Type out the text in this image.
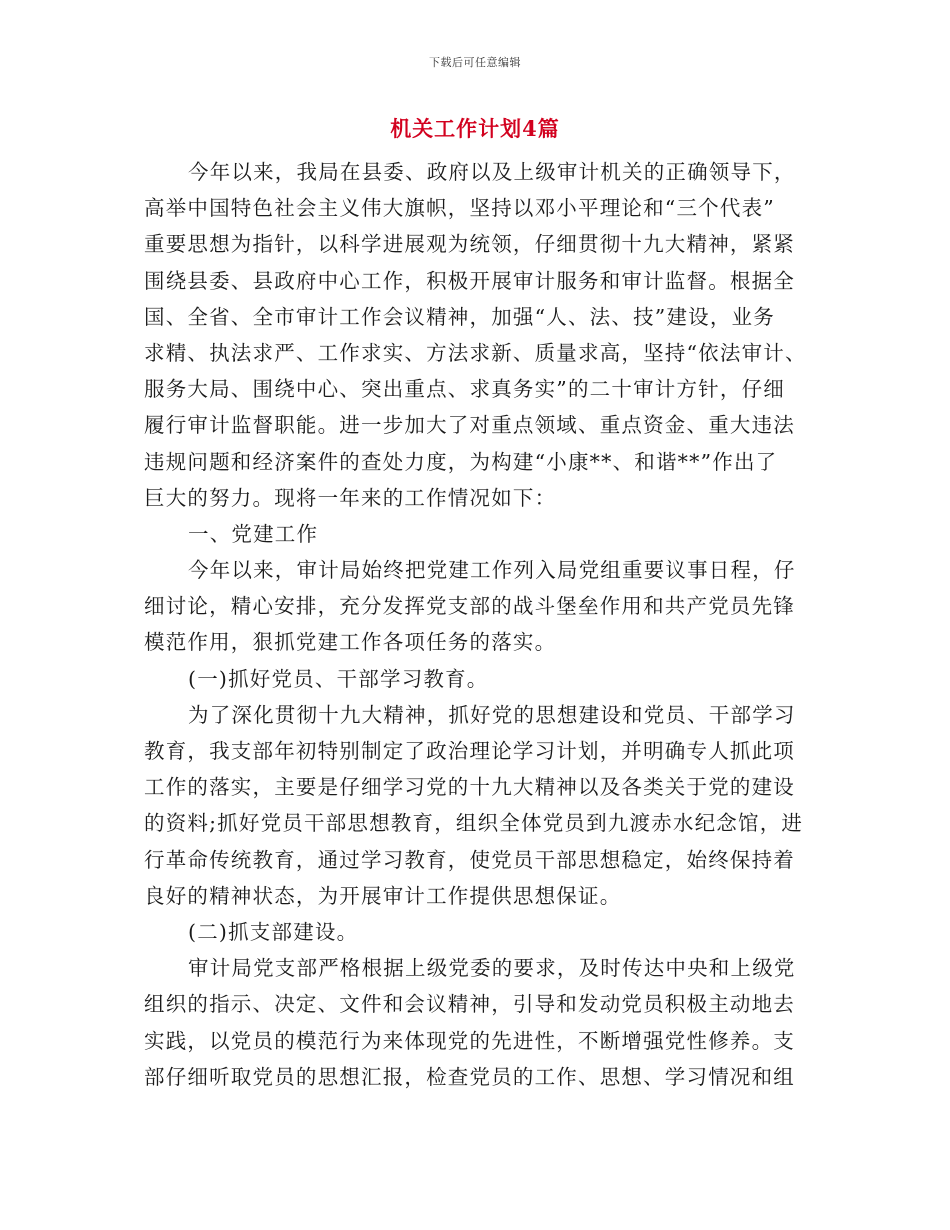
下载后可任意编辑
机关工作计划4篇
今年以来，我局在县委、政府以及上级审计机关的正确领导下，
高举中国特色社会主义伟大旗帜，坚持以邓小平理论和“三个代表”
重要思想为指针，以科学进展观为统领，仔细贯彻十九大精神，紧紧
围绕县委、县政府中心工作，积极开展审计服务和审计监督。根据全
国、全省、全市审计工作会议精神，加强“人、法、技”建设，业务
求精、执法求严、工作求实、方法求新、质量求高，坚持“依法审计、
服务大局、围绕中心、突出重点、求真务实”的二十审计方针，仔细
履行审计监督职能。进一步加大了对重点领域、重点资金、重大违法
违规问题和经济案件的查处力度，为构建“小康**、和谐**”作出了
巨大的努力。现将一年来的工作情况如下：
一、党建工作
今年以来，审计局始终把党建工作列入局党组重要议事日程，仔
细讨论，精心安排，充分发挥党支部的战斗堡垒作用和共产党员先锋
模范作用，狠抓党建工作各项任务的落实。
(一)抓好党员、干部学习教育。
为了深化贯彻十九大精神，抓好党的思想建设和党员、干部学习
教育，我支部年初特别制定了政治理论学习计划，并明确专人抓此项
工作的落实，主要是仔细学习党的十九大精神以及各类关于党的建设
的资料;抓好党员干部思想教育，组织全体党员到九渡赤水纪念馆，进
行革命传统教育，通过学习教育，使党员干部思想稳定，始终保持着
良好的精神状态，为开展审计工作提供思想保证。
(二)抓支部建设。
审计局党支部严格根据上级党委的要求，及时传达中央和上级党
组织的指示、决定、文件和会议精神，引导和发动党员积极主动地去
实践，以党员的模范行为来体现党的先进性，不断增强党性修养。支
部仔细听取党员的思想汇报，检查党员的工作、思想、学习情况和组
